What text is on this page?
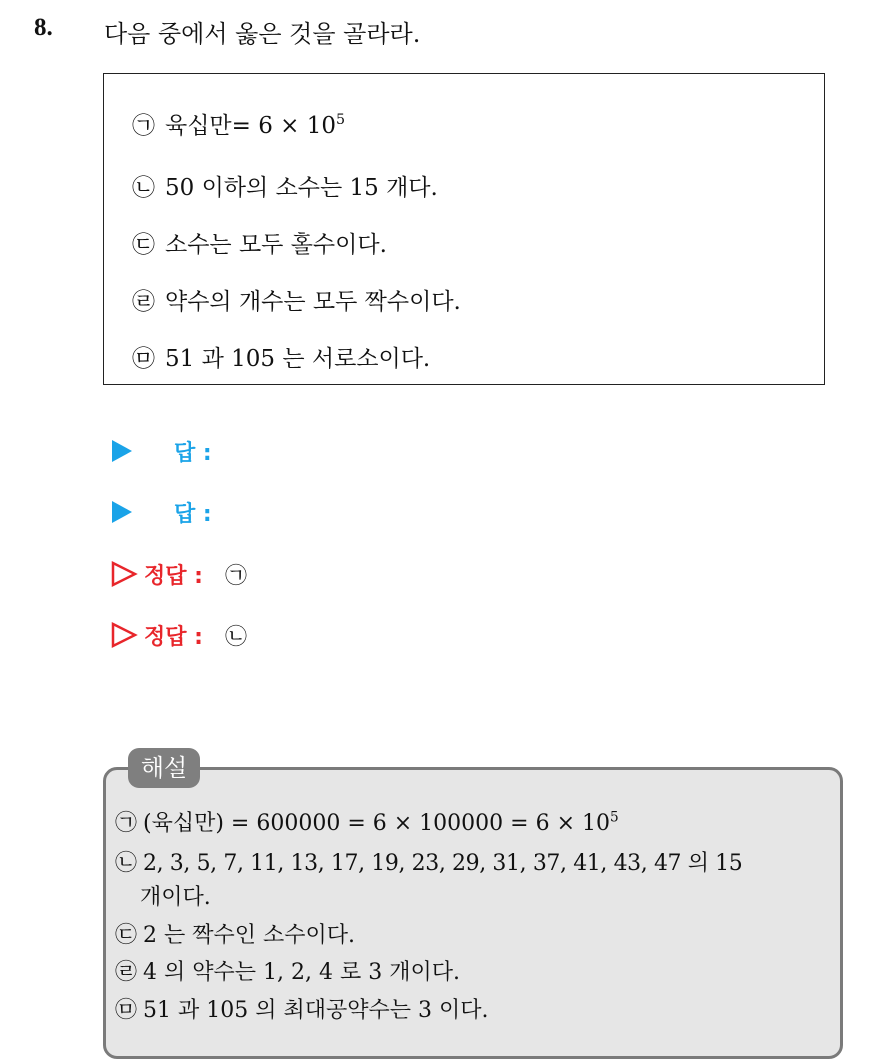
8. 다음 중에서 옳은 것을 골라라.
㉠ 육십만= $6 \times 10^5$
㉡ 50 이하의 소수는 15 개다.
㉢ 소수는 모두 홀수이다.
㉣ 약수의 개수는 모두 짝수이다.
㉤ 51 과 105 는 서로소이다.
답 :
답 :
정답 : ㉠
정답 : ㉡
해설
㉠ (육십만) = $600000 = 6 \times 100000 = 6 \times 10^5$
㉡ 2, 3, 5, 7, 11, 13, 17, 19, 23, 29, 31, 37, 41, 43, 47 의 15
개이다.
㉢ 2 는 짝수인 소수이다.
㉣ 4 의 약수는 1, 2, 4 로 3 개이다.
㉤ 51 과 105 의 최대공약수는 3 이다.
